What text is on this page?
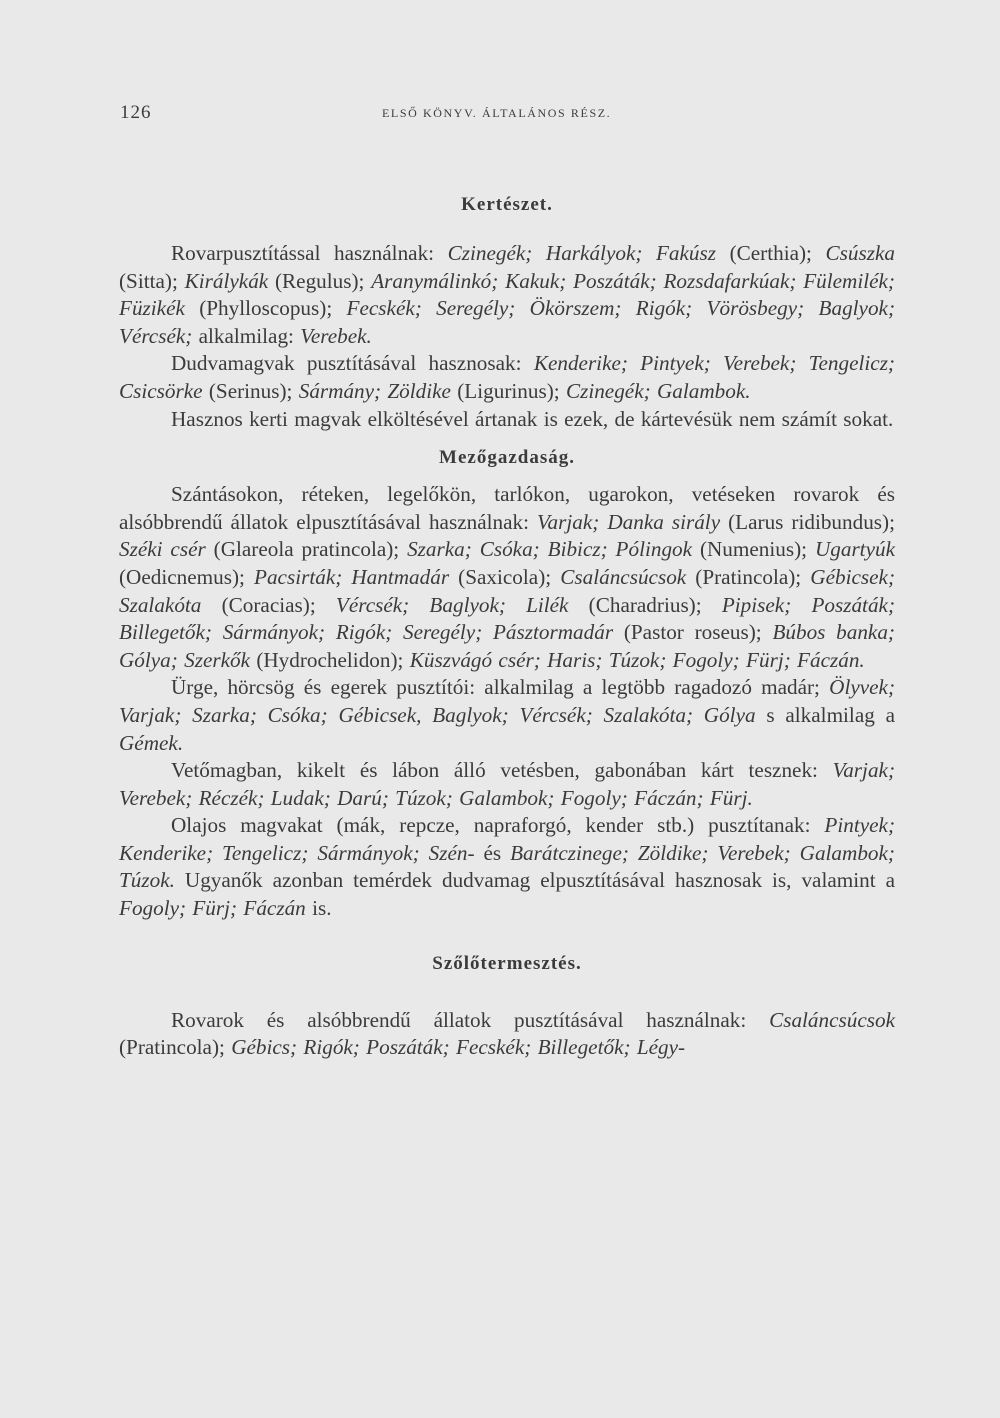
126	ELSŐ KÖNYV. ÁLTALÁNOS RÉSZ.
Kertészet.

Rovarpusztítással használnak: Czinegék; Harkályok; Fakúsz (Certhia); Csúszka (Sitta); Királykák (Regulus); Aranymálinkó; Kakuk; Poszáták; Rozsdafarkúak; Fülemilék; Füzikék (Phylloscopus); Fecskék; Seregély; Ökörszem; Rigók; Vörösbegy; Baglyok; Vércsék; alkalmilag: Verebek.

Dudvamagvak pusztításával hasznosak: Kenderike; Pintyek; Verebek; Tengelicz; Csicsörke (Serinus); Sármány; Zöldike (Ligurinus); Czinegék; Galambok.

Hasznos kerti magvak elköltésével ártanak is ezek, de kártevésük nem számít sokat.

Mezőgazdaság.

Szántásokon, réteken, legelőkön, tarlókon, ugarokon, vetéseken rovarok és alsóbbrendű állatok elpusztításával használnak: Varjak; Danka sirály (Larus ridibundus); Széki csér (Glareola pratincola); Szarka; Csóka; Bibicz; Pólingok (Numenius); Ugartyúk (Oedicnemus); Pacsirták; Hantmadár (Saxicola); Csaláncsúcsok (Pratincola); Gébicsek; Szalakóta (Coracias); Vércsék; Baglyok; Lilék (Charadrius); Pipisek; Poszáták; Billegetők; Sármányok; Rigók; Seregély; Pásztormadár (Pastor roseus); Búbos banka; Gólya; Szerkők (Hydrochelidon); Küszvágó csér; Haris; Túzok; Fogoly; Fürj; Fáczán.

Ürge, hörcsög és egerek pusztítói: alkalmilag a legtöbb ragadozó madár; Ölyvek; Varjak; Szarka; Csóka; Gébicsek, Baglyok; Vércsék; Szalakóta; Gólya s alkalmilag a Gémek.

Vetőmagban, kikelt és lábon álló vetésben, gabonában kárt tesznek: Varjak; Verebek; Réczék; Ludak; Darú; Túzok; Galambok; Fogoly; Fáczán; Fürj.

Olajos magvakat (mák, repcze, napraforgó, kender stb.) pusztítanak: Pintyek; Kenderike; Tengelicz; Sármányok; Szén- és Barátczinege; Zöldike; Verebek; Galambok; Túzok. Ugyanők azonban temérdek dudvamag elpusztításával hasznosak is, valamint a Fogoly; Fürj; Fáczán is.

Szőlőtermesztés.

Rovarok és alsóbbrendű állatok pusztításával használnak: Csaláncsúcsok (Pratincola); Gébics; Rigók; Poszáták; Fecskék; Billegetők; Légy-
